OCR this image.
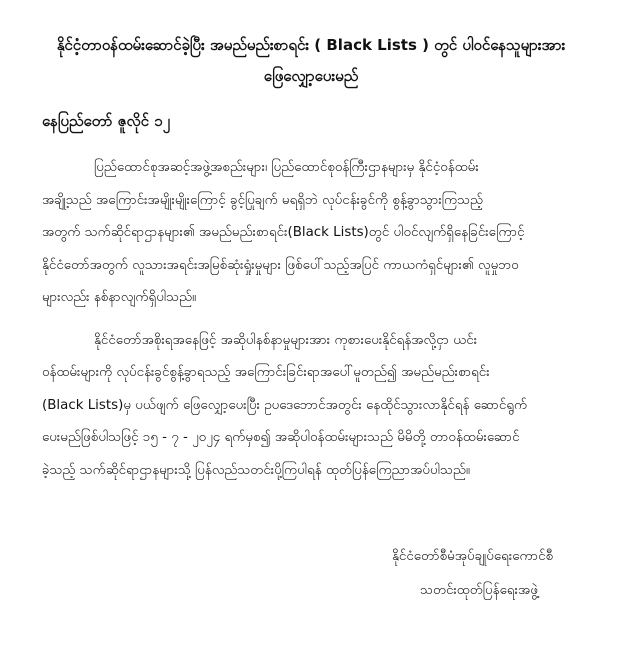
နိုင်ငံ့တာဝန်ထမ်းဆောင်ခဲ့ပြီး အမည်မည်းစာရင်း ( Black Lists ) တွင် ပါဝင်နေသူများအား
ဖြေလျှော့ပေးမည်

နေပြည်တော် ဇူလိုင် ၁၂

ပြည်ထောင်စုအဆင့်အဖွဲ့အစည်းများ၊ ပြည်ထောင်စုဝန်ကြီးဌာနများမှ နိုင်ငံ့ဝန်ထမ်း
အချို့သည် အကြောင်းအမျိုးမျိုးကြောင့် ခွင့်ပြုချက် မရရှိဘဲ လုပ်ငန်းခွင်ကို စွန့်ခွာသွားကြသည့်
အတွက် သက်ဆိုင်ရာဌာနများ၏ အမည်မည်းစာရင်း(Black Lists)တွင် ပါဝင်လျက်ရှိနေခြင်းကြောင့်
နိုင်ငံတော်အတွက် လူသားအရင်းအမြစ်ဆုံးရှုံးမှုများ ဖြစ်ပေါ်သည့်အပြင် ကာယကံရှင်များ၏ လူမှုဘဝ
များလည်း နစ်နာလျက်ရှိပါသည်။
နိုင်ငံတော်အစိုးရအနေဖြင့် အဆိုပါနစ်နာမှုများအား ကုစားပေးနိုင်ရန်အလို့ငှာ ယင်း
ဝန်ထမ်းများကို လုပ်ငန်းခွင်စွန့်ခွာရသည့် အကြောင်းခြင်းရာအပေါ်မူတည်၍ အမည်မည်းစာရင်း
(Black Lists)မှ ပယ်ဖျက် ဖြေလျှော့ပေးပြီး ဥပဒေဘောင်အတွင်း နေထိုင်သွားလာနိုင်ရန် ဆောင်ရွက်
ပေးမည်ဖြစ်ပါသဖြင့် ၁၅ - ၇ - ၂၀၂၄ ရက်မှစ၍ အဆိုပါဝန်ထမ်းများသည် မိမိတို့ တာဝန်ထမ်းဆောင်
ခဲ့သည့် သက်ဆိုင်ရာဌာနများသို့ ပြန်လည်သတင်းပို့ကြပါရန် ထုတ်ပြန်ကြေညာအပ်ပါသည်။
နိုင်ငံတော်စီမံအုပ်ချုပ်ရေးကောင်စီ
သတင်းထုတ်ပြန်ရေးအဖွဲ့
